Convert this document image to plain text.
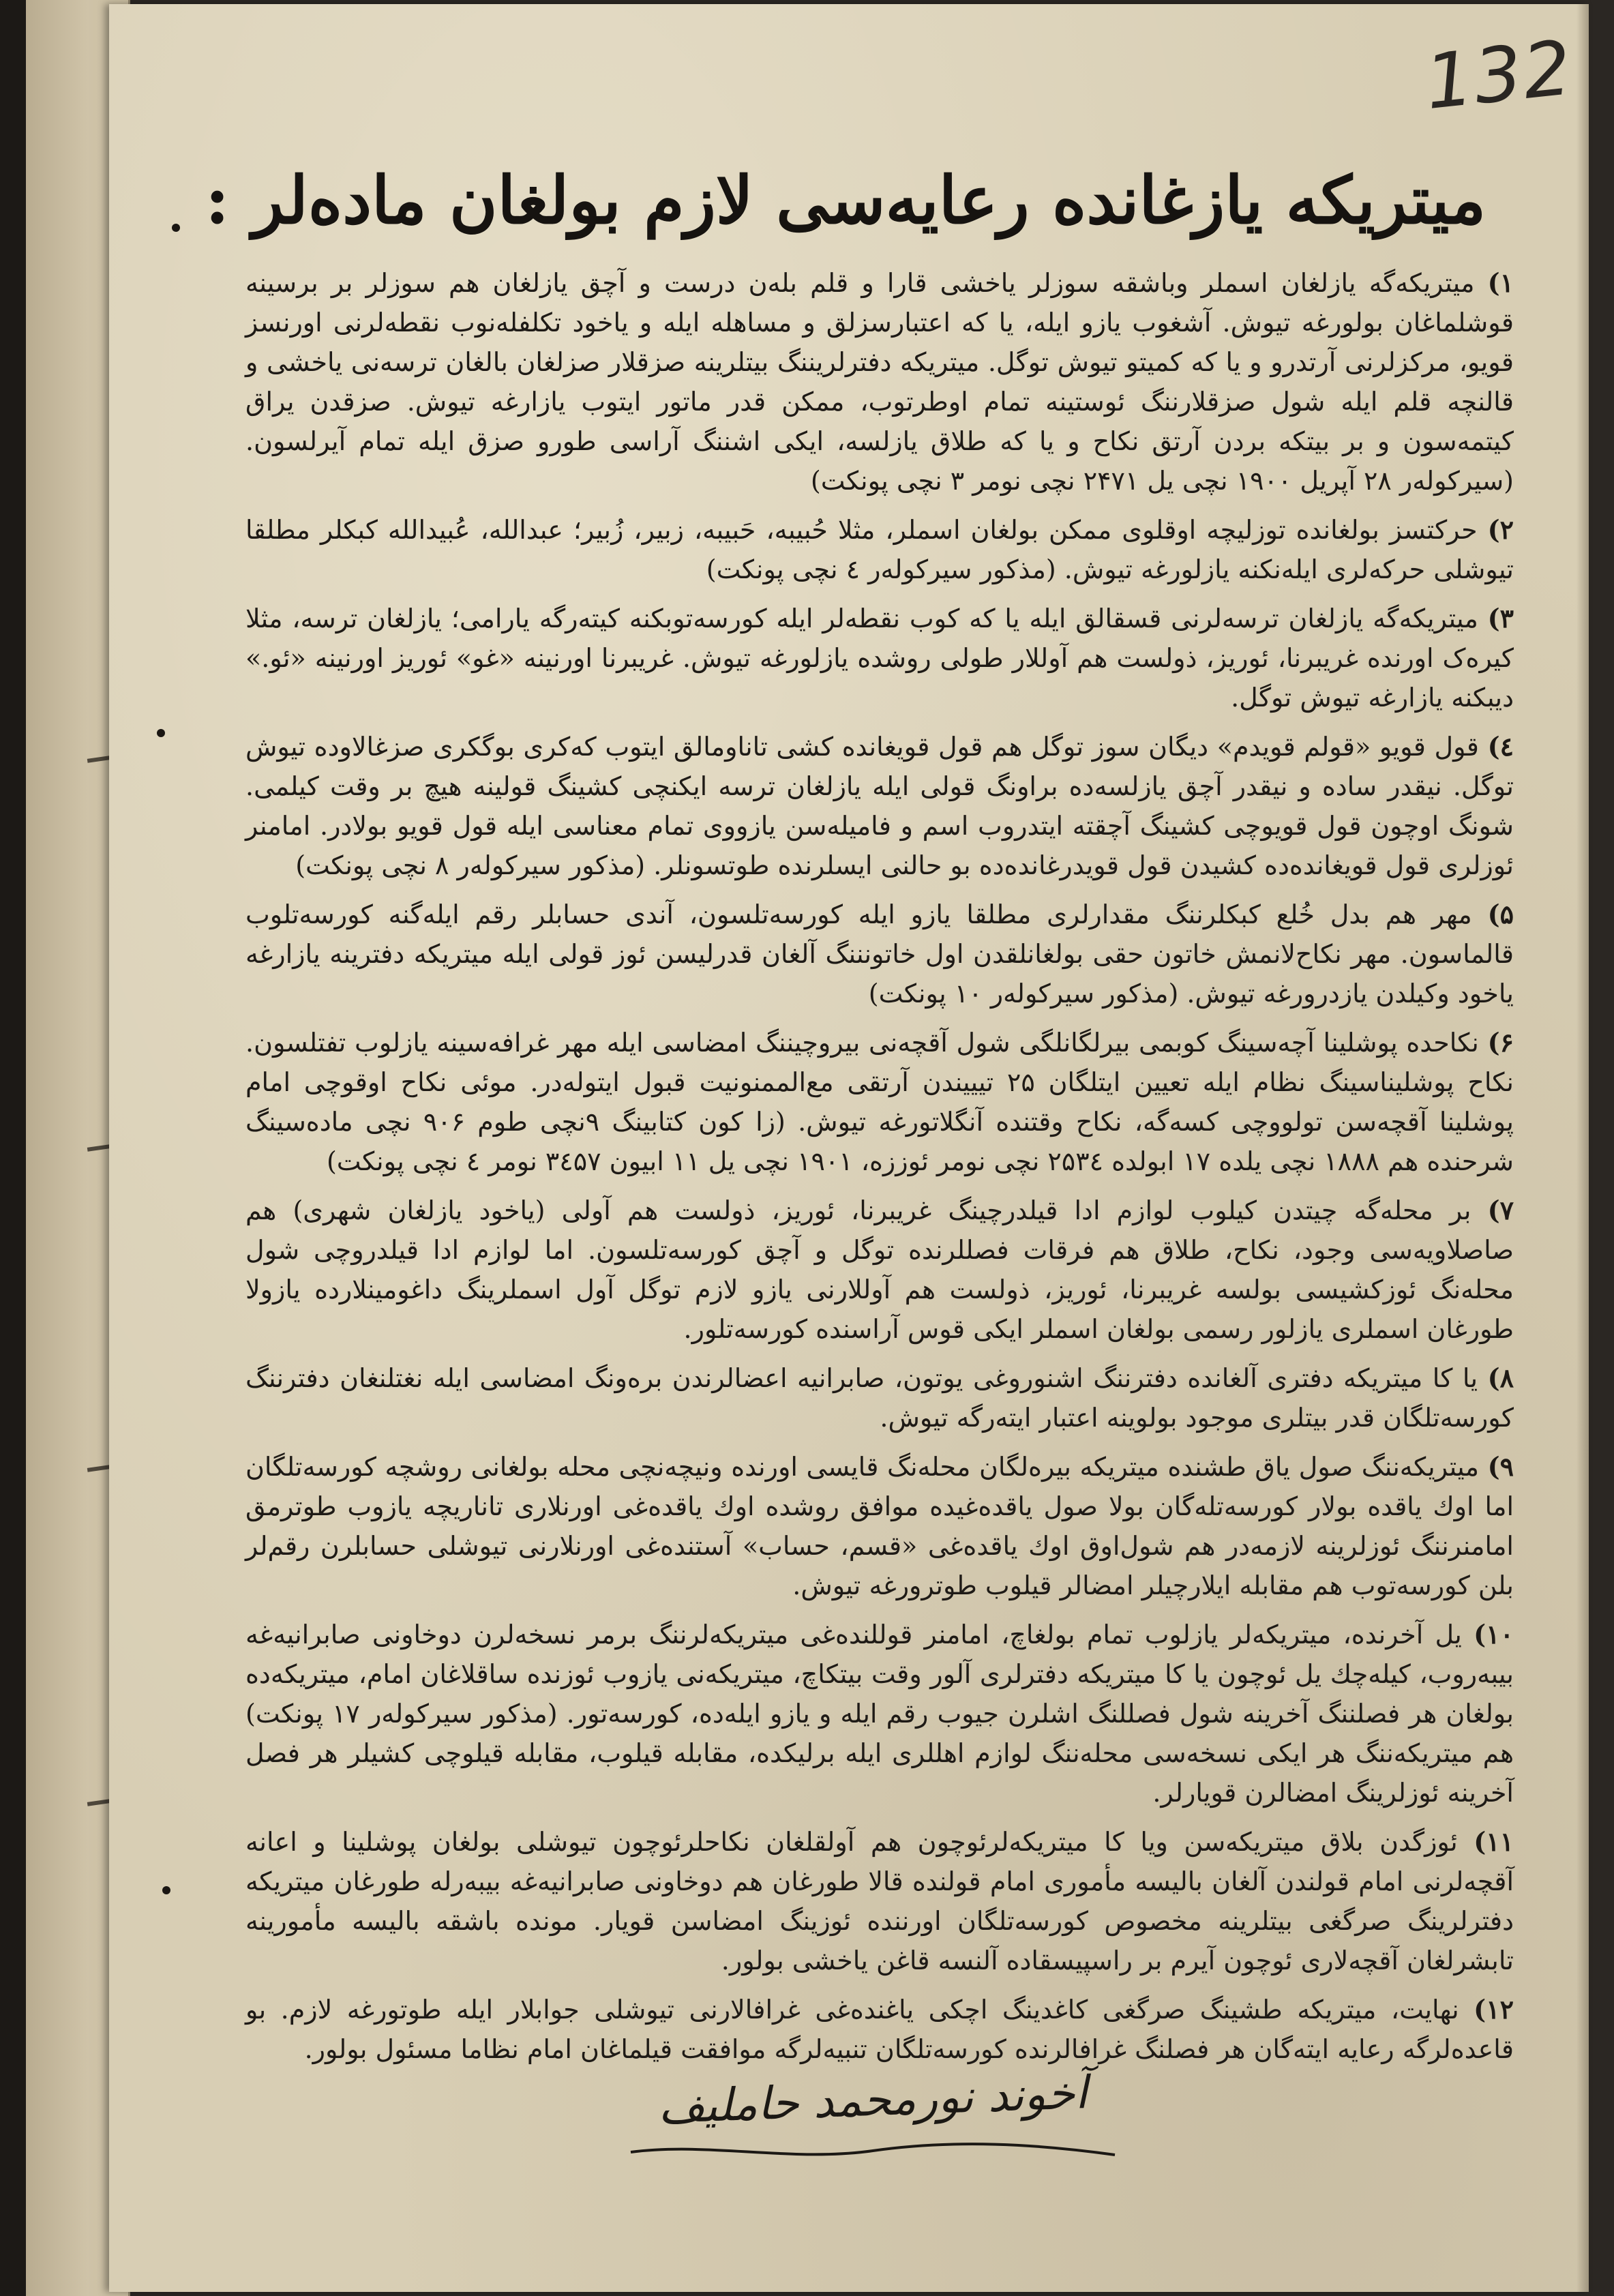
132
میتریکه یازغانده رعایه‌سی لازم بولغان ماده‌لر :

۱) میتریکه‌گه یازلغان اسملر وباشقه سوزلر یاخشی قارا و قلم بله‌ن درست و آچق یازلغان هم سوزلر بر برسینه قوشلماغان بولورغه تیوش. آشغوب یازو ایله، یا که اعتبارسزلق و مساهله ایله و یاخود تکلفله‌نوب نقطه‌لرنی اورنسز قویو، مرکزلرنی آرتدرو و یا که کمیتو تیوش توگل. میتریکه دفترلریننگ بیتلرینه صزقلار صزلغان بالغان ترسه‌نی یاخشی و قالنچه قلم ایله شول صزقلارننگ ئوستینه تمام اوطرتوب، ممکن قدر ماتور ایتوب یازارغه تیوش. صزقدن یراق کیتمه‌سون و بر بیتکه بردن آرتق نکاح و یا که طلاق یازلسه، ایکی اشننگ آراسی طورو صزق ایله تمام آیرلسون. (سیرکوله‌ر ۲۸ آپریل ۱۹۰۰ نچی یل ۲۴۷۱ نچی نومر ۳ نچی پونکت)

۲) حرکتسز بولغانده توزلیچه اوقلوی ممکن بولغان اسملر، مثلا حُبیبه، حَبیبه، زبیر، زُبیر؛ عبدالله، عُبیدالله کبکلر مطلقا تیوشلی حرکه‌لری ایله‌نکنه یازلورغه تیوش. (مذکور سیرکوله‌ر ٤ نچی پونکت)

۳) میتریکه‌گه یازلغان ترسه‌لرنی قسقالق ایله یا که کوب نقطه‌لر ایله کورسه‌توبکنه کیته‌رگه یارامی؛ یازلغان ترسه، مثلا کیره‌ک اورنده غریبرنا، ئوریز، ذولست هم آوللار طولی روشده یازلورغه تیوش. غریبرنا اورنینه «غو» ئوریز اورنینه «ئو.» دیبکنه یازارغه تیوش توگل.

٤) قول قویو «قولم قویدم» دیگان سوز توگل هم قول قویغانده کشی تاناومالق ایتوب که‌کری بوگکری صزغالاوده تیوش توگل. نیقدر ساده و نیقدر آچق یازلسه‌ده براونگ قولی ایله یازلغان ترسه ایکنچی کشینگ قولینه هیچ بر وقت کیلمی. شونگ اوچون قول قویوچی کشینگ آچقته ایتدروب اسم و فامیله‌سن یازووی تمام معناسی ایله قول قویو بولادر. امامنر ئوزلری قول قویغانده‌ده کشیدن قول قویدرغانده‌ده بو حالنی ایسلرنده طوتسونلر. (مذکور سیرکوله‌ر ۸ نچی پونکت)

۵) مهر هم بدل خُلع کبکلرننگ مقدارلری مطلقا یازو ایله کورسه‌تلسون، آندی حسابلر رقم ایله‌گنه کورسه‌تلوب قالماسون. مهر نکاح‌لانمش خاتون حقی بولغانلقدن اول خاتونننگ آلغان قدرلیسن ئوز قولی ایله میتریکه دفترینه یازارغه یاخود وکیلدن یازدرورغه تیوش. (مذکور سیرکوله‌ر ۱۰ پونکت)

۶) نکاحده پوشلینا آچه‌سینگ کوبمی بیرلگانلگی شول آقچه‌نی بیروچیننگ امضاسی ایله مهر غرافه‌سینه یازلوب تفتلسون. نکاح پوشلیناسینگ نظام ایله تعیین ایتلگان ۲۵ تیییندن آرتقی مع‌الممنونیت قبول ایتوله‌در. موئی نکاح اوقوچی امام پوشلینا آقچه‌سن تولووچی کسه‌گه، نکاح وقتنده آنگلاتورغه تیوش. (زا کون کتابینگ ۹نچی طوم ۹۰۶ نچی ماده‌سینگ شرحنده هم ۱۸۸۸ نچی یلده ۱۷ ابولده ۲۵۳٤ نچی نومر ئوززه، ۱۹۰۱ نچی یل ۱۱ ابیون ۳٤۵۷ نومر ٤ نچی پونکت)

۷) بر محله‌گه چیتدن کیلوب لوازم ادا قیلدرچینگ غریبرنا، ئوریز، ذولست هم آولی (یاخود یازلغان شهری) هم صاصلاویه‌سی وجود، نکاح، طلاق هم فرقات فصللرنده توگل و آچق کورسه‌تلسون. اما لوازم ادا قیلدروچی شول محله‌نگ ئوزکشیسی بولسه غریبرنا، ئوریز، ذولست هم آوللارنی یازو لازم توگل آول اسملرینگ داغومینلارده یازولا طورغان اسملری یازلور رسمی بولغان اسملر ایکی قوس آراسنده کورسه‌تلور.

۸) یا کا میتریکه دفتری آلغانده دفترننگ اشنوروغی یوتون، صابرانیه اعضالرندن بره‌ونگ امضاسی ایله نغتلنغان دفترننگ کورسه‌تلگان قدر بیتلری موجود بولوینه اعتبار ایته‌رگه تیوش.

۹) میتریکه‌ننگ صول یاق طشنده میتریکه بیره‌لگان محله‌نگ قایسی اورنده ونیچه‌نچی محله بولغانی روشچه کورسه‌تلگان اما اوك یاقده بولار کورسه‌تله‌گان بولا صول یاقده‌غیده موافق روشده اوك یاقده‌غی اورنلاری تاناریچه یازوب طوترمق امامنرننگ ئوزلرینه لازمه‌در هم شول‌اوق اوك یاقده‌غی «قسم، حساب» آستنده‌غی اورنلارنی تیوشلی حسابلرن رقم‌لر بلن کورسه‌توب هم مقابله ایلارچیلر امضالر قیلوب طوترورغه تیوش.

۱۰) یل آخرنده، میتریکه‌لر یازلوب تمام بولغاچ، امامنر قوللنده‌غی میتریکه‌لرننگ برمر نسخه‌لرن دوخاونی صابرانیه‌غه بیبه‌روب، کیله‌چك یل ئوچون یا کا میتریکه دفترلری آلور وقت بیتکاچ، میتریکه‌نی یازوب ئوزنده ساقلاغان امام، میتریکه‌ده بولغان هر فصلننگ آخرینه شول فصللنگ اشلرن جیوب رقم ایله و یازو ایله‌ده، کورسه‌تور. (مذکور سیرکوله‌ر ۱۷ پونکت) هم میتریکه‌ننگ هر ایکی نسخه‌سی محله‌ننگ لوازم اهللری ایله برلیکده، مقابله قیلوب، مقابله قیلوچی کشیلر هر فصل آخرینه ئوزلرینگ امضالرن قویارلر.

۱۱) ئوزگدن بلاق میتریکه‌سن ویا کا میتریکه‌لرئوچون هم آولقلغان نکاحلرئوچون تیوشلی بولغان پوشلینا و اعانه آقچه‌لرنی امام قولندن آلغان بالیسه مأموری امام قولنده قالا طورغان هم دوخاونی صابرانیه‌غه بیبه‌رله طورغان میتریکه دفترلرینگ صرگغی بیتلرینه مخصوص کورسه‌تلگان اورننده ئوزینگ امضاسن قویار. مونده باشقه بالیسه مأمورینه تابشرلغان آقچه‌لاری ئوچون آیرم بر راسپیسقاده آلنسه قاغن یاخشی بولور.

۱۲) نهایت، میتریکه طشینگ صرگغی کاغدینگ اچکی یاغنده‌غی غرافالارنی تیوشلی جوابلار ایله طوتورغه لازم. بو قاعده‌لرگه رعایه ایته‌گان هر فصلنگ غرافالرنده کورسه‌تلگان تنبیه‌لرگه موافقت قیلماغان امام نظاما مسئول بولور.

آخوند نورمحمد حاملیف
